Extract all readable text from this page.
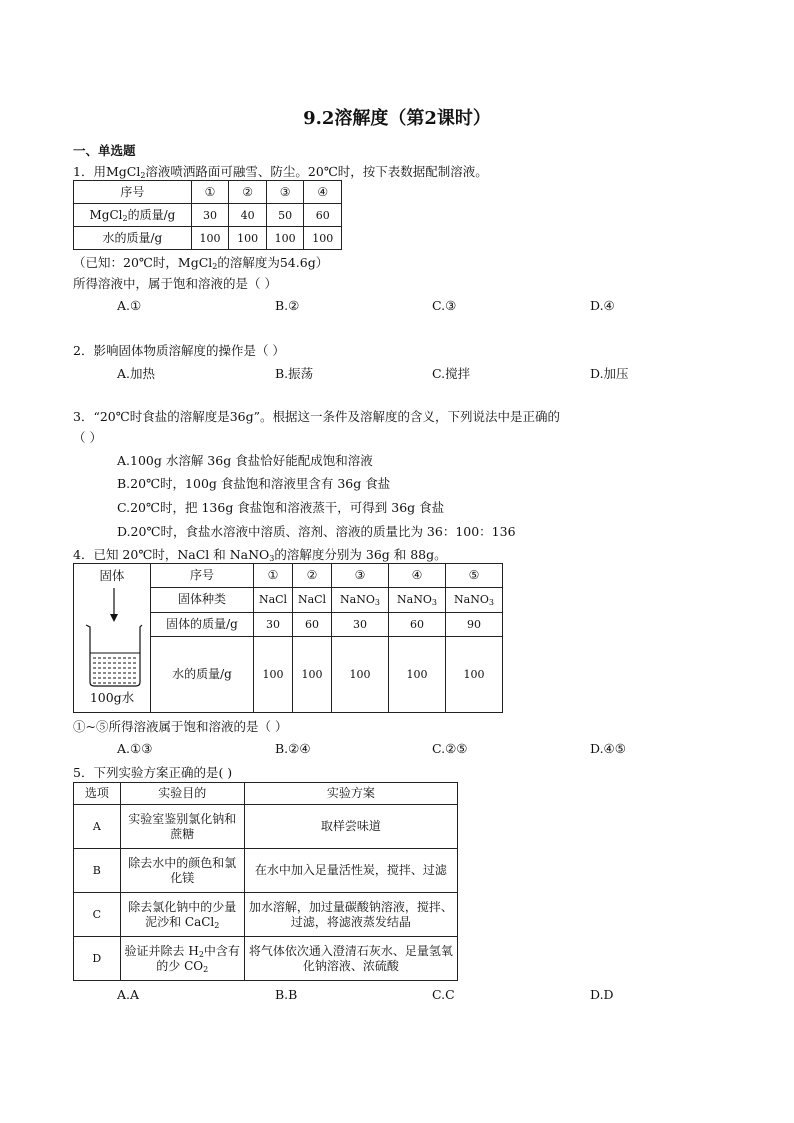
9.2溶解度（第2课时）
一、单选题
1．用MgCl$_2$溶液喷洒路面可融雪、防尘。20℃时，按下表数据配制溶液。
序号	①	②	③	④
MgCl$_2$的质量/g	30	40	50	60
水的质量/g	100	100	100	100
（已知：20℃时，MgCl$_2$的溶解度为54.6g）
所得溶液中，属于饱和溶液的是（ ）
A.①	B.②	C.③	D.④
2．影响固体物质溶解度的操作是（ ）
A.加热	B.振荡	C.搅拌	D.加压
3．“20℃时食盐的溶解度是36g”。根据这一条件及溶解度的含义，下列说法中是正确的
（ ）
A.100g 水溶解 36g 食盐恰好能配成饱和溶液
B.20℃时，100g 食盐饱和溶液里含有 36g 食盐
C.20℃时，把 136g 食盐饱和溶液蒸干，可得到 36g 食盐
D.20℃时，食盐水溶液中溶质、溶剂、溶液的质量比为 36：100：136
4．已知 20℃时，NaCl 和 NaNO$_3$的溶解度分别为 36g 和 88g。
固体
100g水	序号	①	②	③	④	⑤
	固体种类	NaCl	NaCl	NaNO$_3$	NaNO$_3$	NaNO$_3$
	固体的质量/g	30	60	30	60	90
	水的质量/g	100	100	100	100	100
①~⑤所得溶液属于饱和溶液的是（ ）
A.①③	B.②④	C.②⑤	D.④⑤
5．下列实验方案正确的是( )
选项	实验目的	实验方案
A	实验室鉴别氯化钠和蔗糖	取样尝味道
B	除去水中的颜色和氯化镁	在水中加入足量活性炭，搅拌、过滤
C	除去氯化钠中的少量泥沙和 CaCl$_2$	加水溶解，加过量碳酸钠溶液，搅拌、过滤，将滤液蒸发结晶
D	验证并除去 $H_2$中含有的少 $CO_2$	将气体依次通入澄清石灰水、足量氢氧化钠溶液、浓硫酸
A.A	B.B	C.C	D.D
